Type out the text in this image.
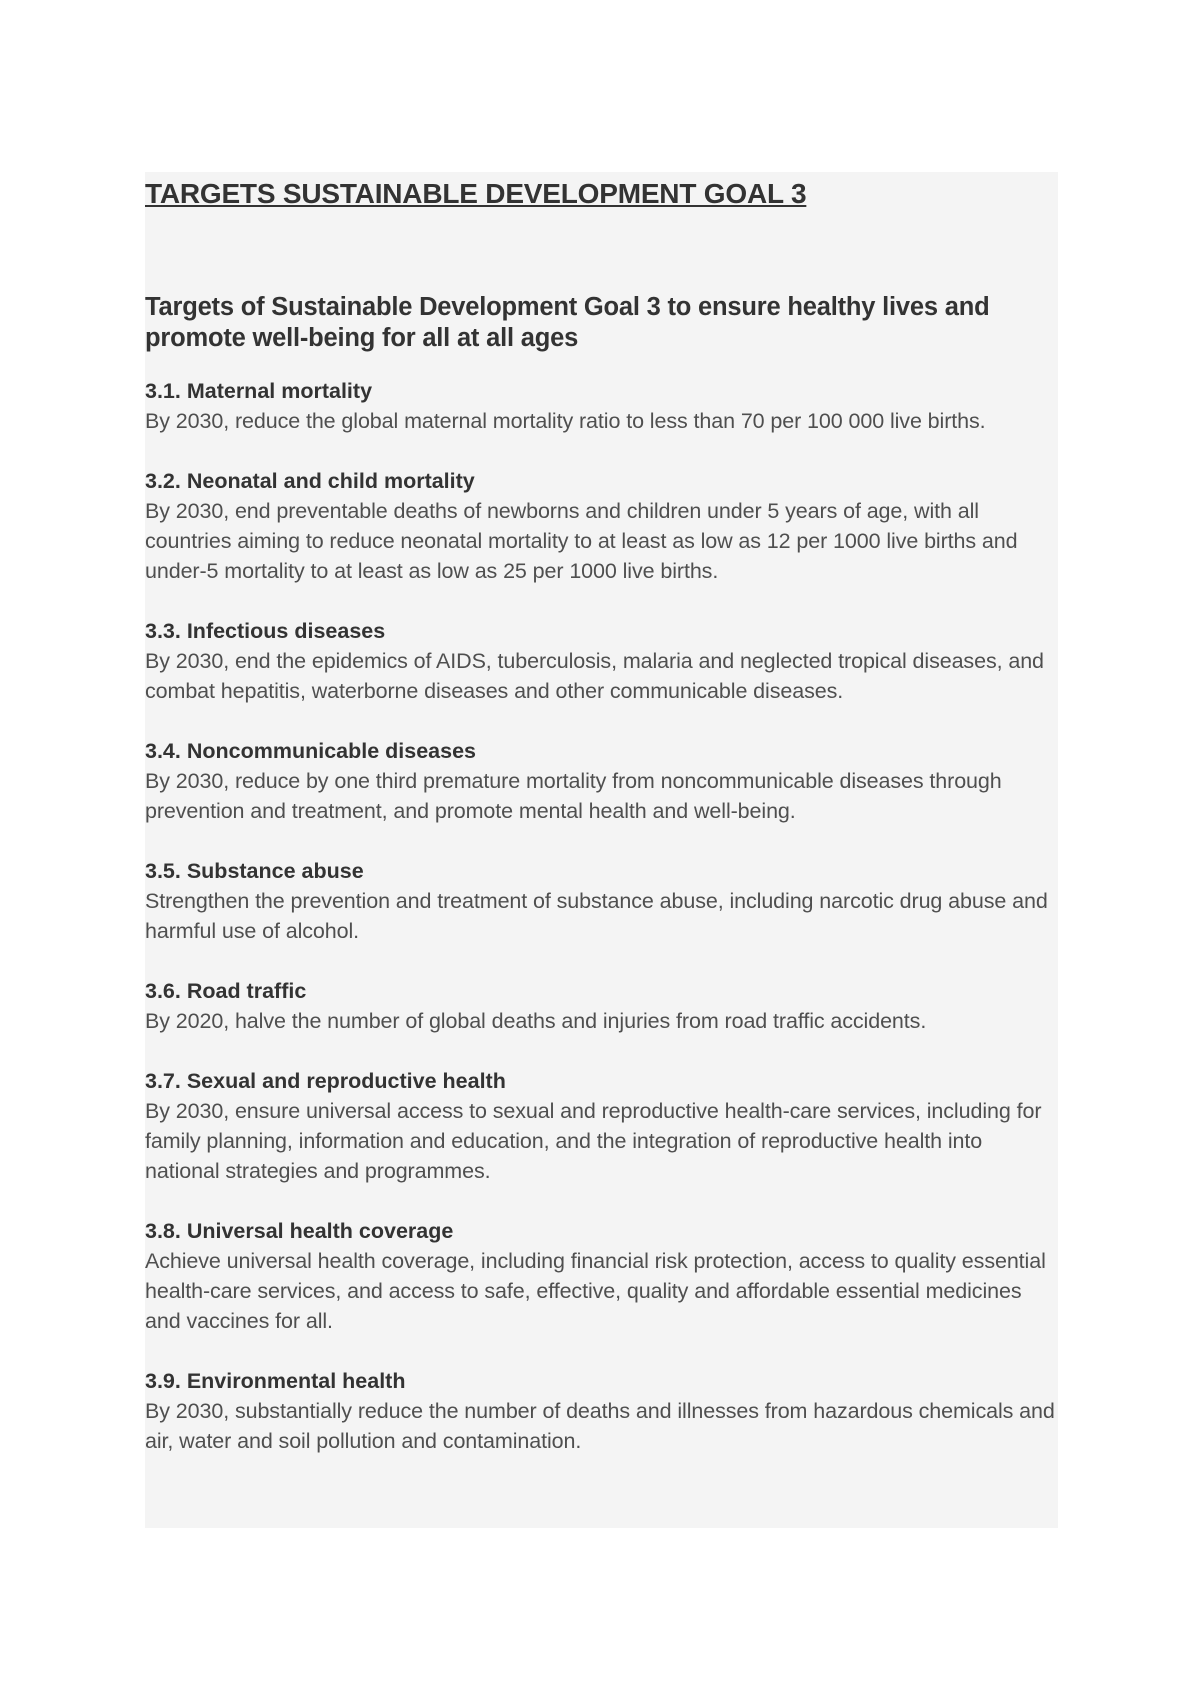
TARGETS SUSTAINABLE DEVELOPMENT GOAL 3
Targets of Sustainable Development Goal 3 to ensure healthy lives and promote well-being for all at all ages
3.1. Maternal mortality
By 2030, reduce the global maternal mortality ratio to less than 70 per 100 000 live births.
3.2. Neonatal and child mortality
By 2030, end preventable deaths of newborns and children under 5 years of age, with all countries aiming to reduce neonatal mortality to at least as low as 12 per 1000 live births and under-5 mortality to at least as low as 25 per 1000 live births.
3.3. Infectious diseases
By 2030, end the epidemics of AIDS, tuberculosis, malaria and neglected tropical diseases, and combat hepatitis, waterborne diseases and other communicable diseases.
3.4. Noncommunicable diseases
By 2030, reduce by one third premature mortality from noncommunicable diseases through prevention and treatment, and promote mental health and well-being.
3.5. Substance abuse
Strengthen the prevention and treatment of substance abuse, including narcotic drug abuse and harmful use of alcohol.
3.6. Road traffic
By 2020, halve the number of global deaths and injuries from road traffic accidents.
3.7. Sexual and reproductive health
By 2030, ensure universal access to sexual and reproductive health-care services, including for family planning, information and education, and the integration of reproductive health into national strategies and programmes.
3.8. Universal health coverage
Achieve universal health coverage, including financial risk protection, access to quality essential health-care services, and access to safe, effective, quality and affordable essential medicines and vaccines for all.
3.9. Environmental health
By 2030, substantially reduce the number of deaths and illnesses from hazardous chemicals and air, water and soil pollution and contamination.
